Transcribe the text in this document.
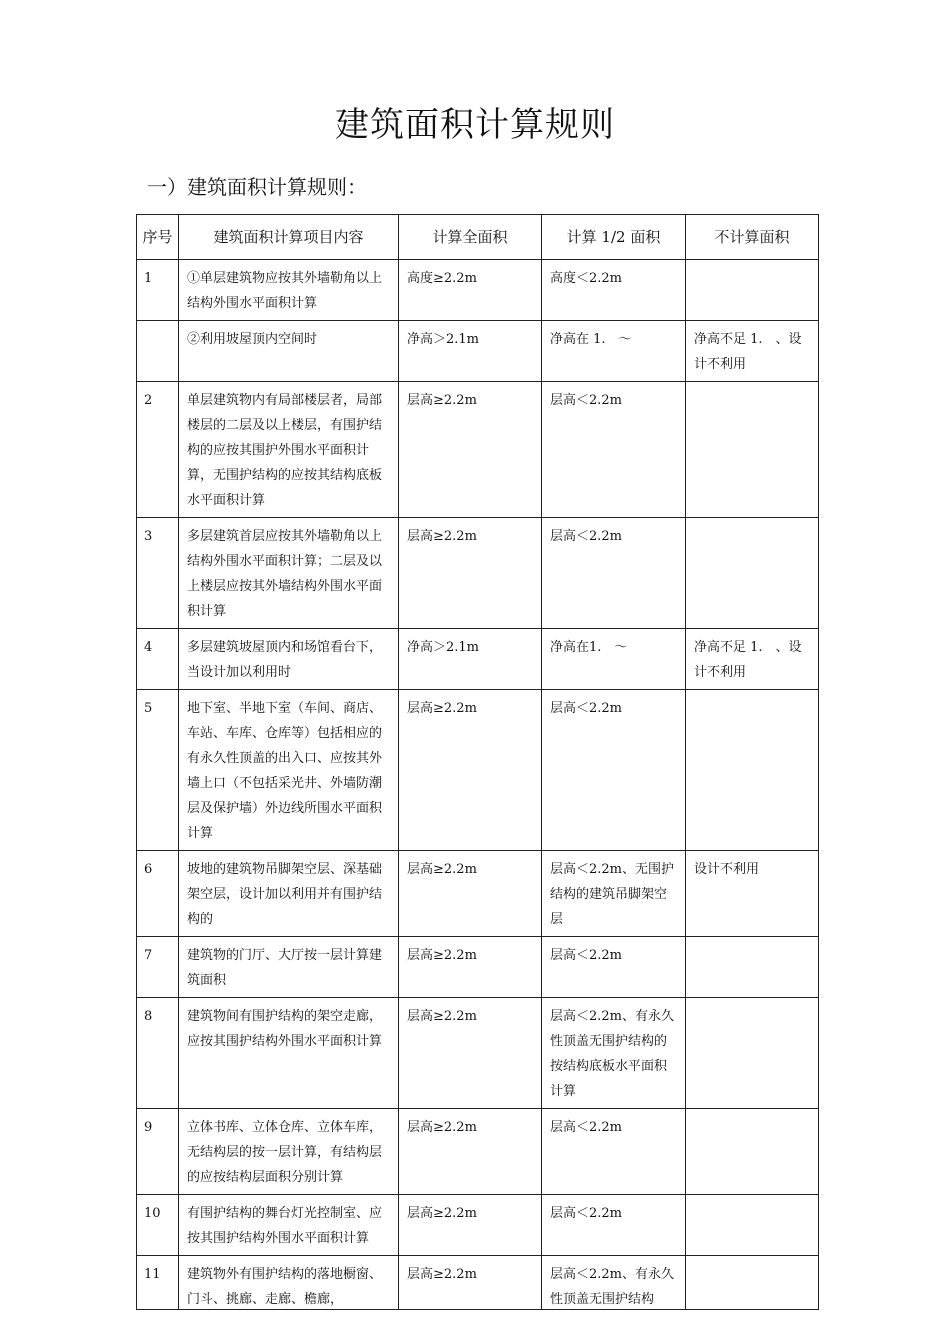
建筑面积计算规则
一）建筑面积计算规则：
序号	建筑面积计算项目内容	计算全面积	计算 1/2 面积	不计算面积
1	①单层建筑物应按其外墙勒角以上结构外围水平面积计算	高度≥2.2m	高度＜2.2m	
	②利用坡屋顶内空间时	净高＞2.1m	净高在 1.　～	净高不足 1.　、设计不利用
2	单层建筑物内有局部楼层者，局部楼层的二层及以上楼层，有围护结构的应按其围护外围水平面积计算，无围护结构的应按其结构底板水平面积计算	层高≥2.2m	层高＜2.2m	
3	多层建筑首层应按其外墙勒角以上结构外围水平面积计算；二层及以上楼层应按其外墙结构外围水平面积计算	层高≥2.2m	层高＜2.2m	
4	多层建筑坡屋顶内和场馆看台下，当设计加以利用时	净高＞2.1m	净高在1.　～	净高不足 1.　、设计不利用
5	地下室、半地下室（车间、商店、车站、车库、仓库等）包括相应的有永久性顶盖的出入口、应按其外墙上口（不包括采光井、外墙防潮层及保护墙）外边线所围水平面积计算	层高≥2.2m	层高＜2.2m	
6	坡地的建筑物吊脚架空层、深基础架空层，设计加以利用并有围护结构的	层高≥2.2m	层高＜2.2m、无围护结构的建筑吊脚架空层	设计不利用
7	建筑物的门厅、大厅按一层计算建筑面积	层高≥2.2m	层高＜2.2m	
8	建筑物间有围护结构的架空走廊，应按其围护结构外围水平面积计算	层高≥2.2m	层高＜2.2m、有永久性顶盖无围护结构的按结构底板水平面积计算	
9	立体书库、立体仓库、立体车库，无结构层的按一层计算，有结构层的应按结构层面积分别计算	层高≥2.2m	层高＜2.2m	
10	有围护结构的舞台灯光控制室、应按其围护结构外围水平面积计算	层高≥2.2m	层高＜2.2m	

11	建筑物外有围护结构的落地橱窗、门斗、挑廊、走廊、檐廊，	层高≥2.2m	层高＜2.2m、有永久性顶盖无围护结构	
